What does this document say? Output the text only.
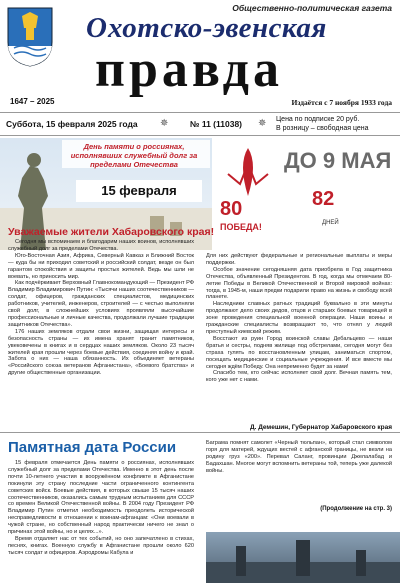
1647 – 2025
Общественно-политическая газета
Охотско-эвенская
правда
Издаётся с 7 ноября 1933 года
Суббота, 15 февраля 2025 года ✵	№ 11 (11038) ✵ Цена по подписке 20 руб.
В розницу – свободная цена
День памяти о россиянах, исполнявших служебный долг за пределами Отечества
15 февраля
80
ПОБЕДА!
ДО 9 МАЯ
82
ДНЕЙ
Уважаемые жители Хабаровского края!

Сегодня мы вспоминаем и благодарим наших воинов, исполнявших служебный долг за пределами Отечества.

Юго-Восточная Азия, Африка, Северный Кавказ и Ближний Восток — куда бы ни приходил советский и российский солдат, везде он был гарантом спокойствия и защиты простых жителей. Ведь мы шли не воевать, но приносить мир.

Как подчёркивает Верховный Главнокомандующий — Президент РФ Владимир Владимирович Путин: «Тысячи наших соотечественников — солдат, офицеров, гражданских специалистов, медицинских работников, учителей, инженеров, строителей — с честью выполняли свой долг, в сложнейших условиях проявляли высочайшие профессиональные и личные качества, продолжали лучшие традиции защитников Отечества».

176 наших земляков отдали свои жизни, защищая интересы и безопасность страны — их имена хранят гранит памятников, увековечены в книгах и в сердцах наших земляков. Около 23 тысяч жителей края прошли через боевые действия, соединяя войну и край. Забота о них — наша обязанность. Их объединяет ветераны «Российского союза ветеранов Афганистана», «Боевого братства» и другие общественные организации.

Для них действуют федеральные и региональные выплаты и меры поддержки.

Особое значение сегодняшняя дата приобрела в Год защитника Отечества, объявленный Президентом. В год, когда мы отмечаем 80-летие Победы в Великой Отечественной и Второй мировой войнах: тогда, в 1945-м, наши предки подарили право на жизнь и свободу всей планете.

Наследники славных ратных традиций буквально в эти минуты продолжают дело своих дедов, отцов и старших боевых товарищей в зоне проведения специальной военной операции. Наши воины и гражданские специалисты возвращают то, что отнял у людей преступный киевский режим.

Восстают из руин Город воинской славы Дебальцево — наши братья и сестры, подняв жилище под обстрелами, сегодня могут без страха гулять по восстановленным улицам, заниматься спортом, посещать медицинские и социальные учреждения. И все вместе мы сегодня ждём Победу. Она непременно будет за нами!

Спасибо тем, кто сейчас исполняет свой долг. Вечная память тем, кого уже нет с нами.

Д. Демешин, Губернатор Хабаровского края
Памятная дата России

15 февраля отмечается День памяти о россиянах, исполнявших служебный долг за пределами Отечества. Именно в этот день после почти 10-летнего участия в вооружённом конфликте в Афганистане покинули эту страну последние части ограниченного контингента советских войск. Боевые действия, в которых свыше 15 тысяч наших соотечественников, оказались самым трудным испытанием для СССР со времен Великой Отечественной войны. В 2004 году Президент РФ Владимир Путин отметил необходимость преодолеть исторической несправедливости в отношении к воинам-афганцам: «Они воевали в чужой стране, но собственный народ практически ничего не знал о причинах этой войны, но и целях...».

Время отдаляет нас от тех событий, но оно запечатлено в стихах, песнях, книгах. Военную службу в Афганистане прошли около 620 тысяч солдат и офицеров. Аэродромы Кабула и

Баграма помнят самолет «Черный тюльпан», который стал символом горя для матерей, ждущих вестей с афганской границы, не везли на родину груз «200». Перевал Саланг, провинции Джелалабад и Бадахшан. Многое могут вспомнить ветераны той, теперь уже далекой войны.

(Продолжение на стр. 3)
